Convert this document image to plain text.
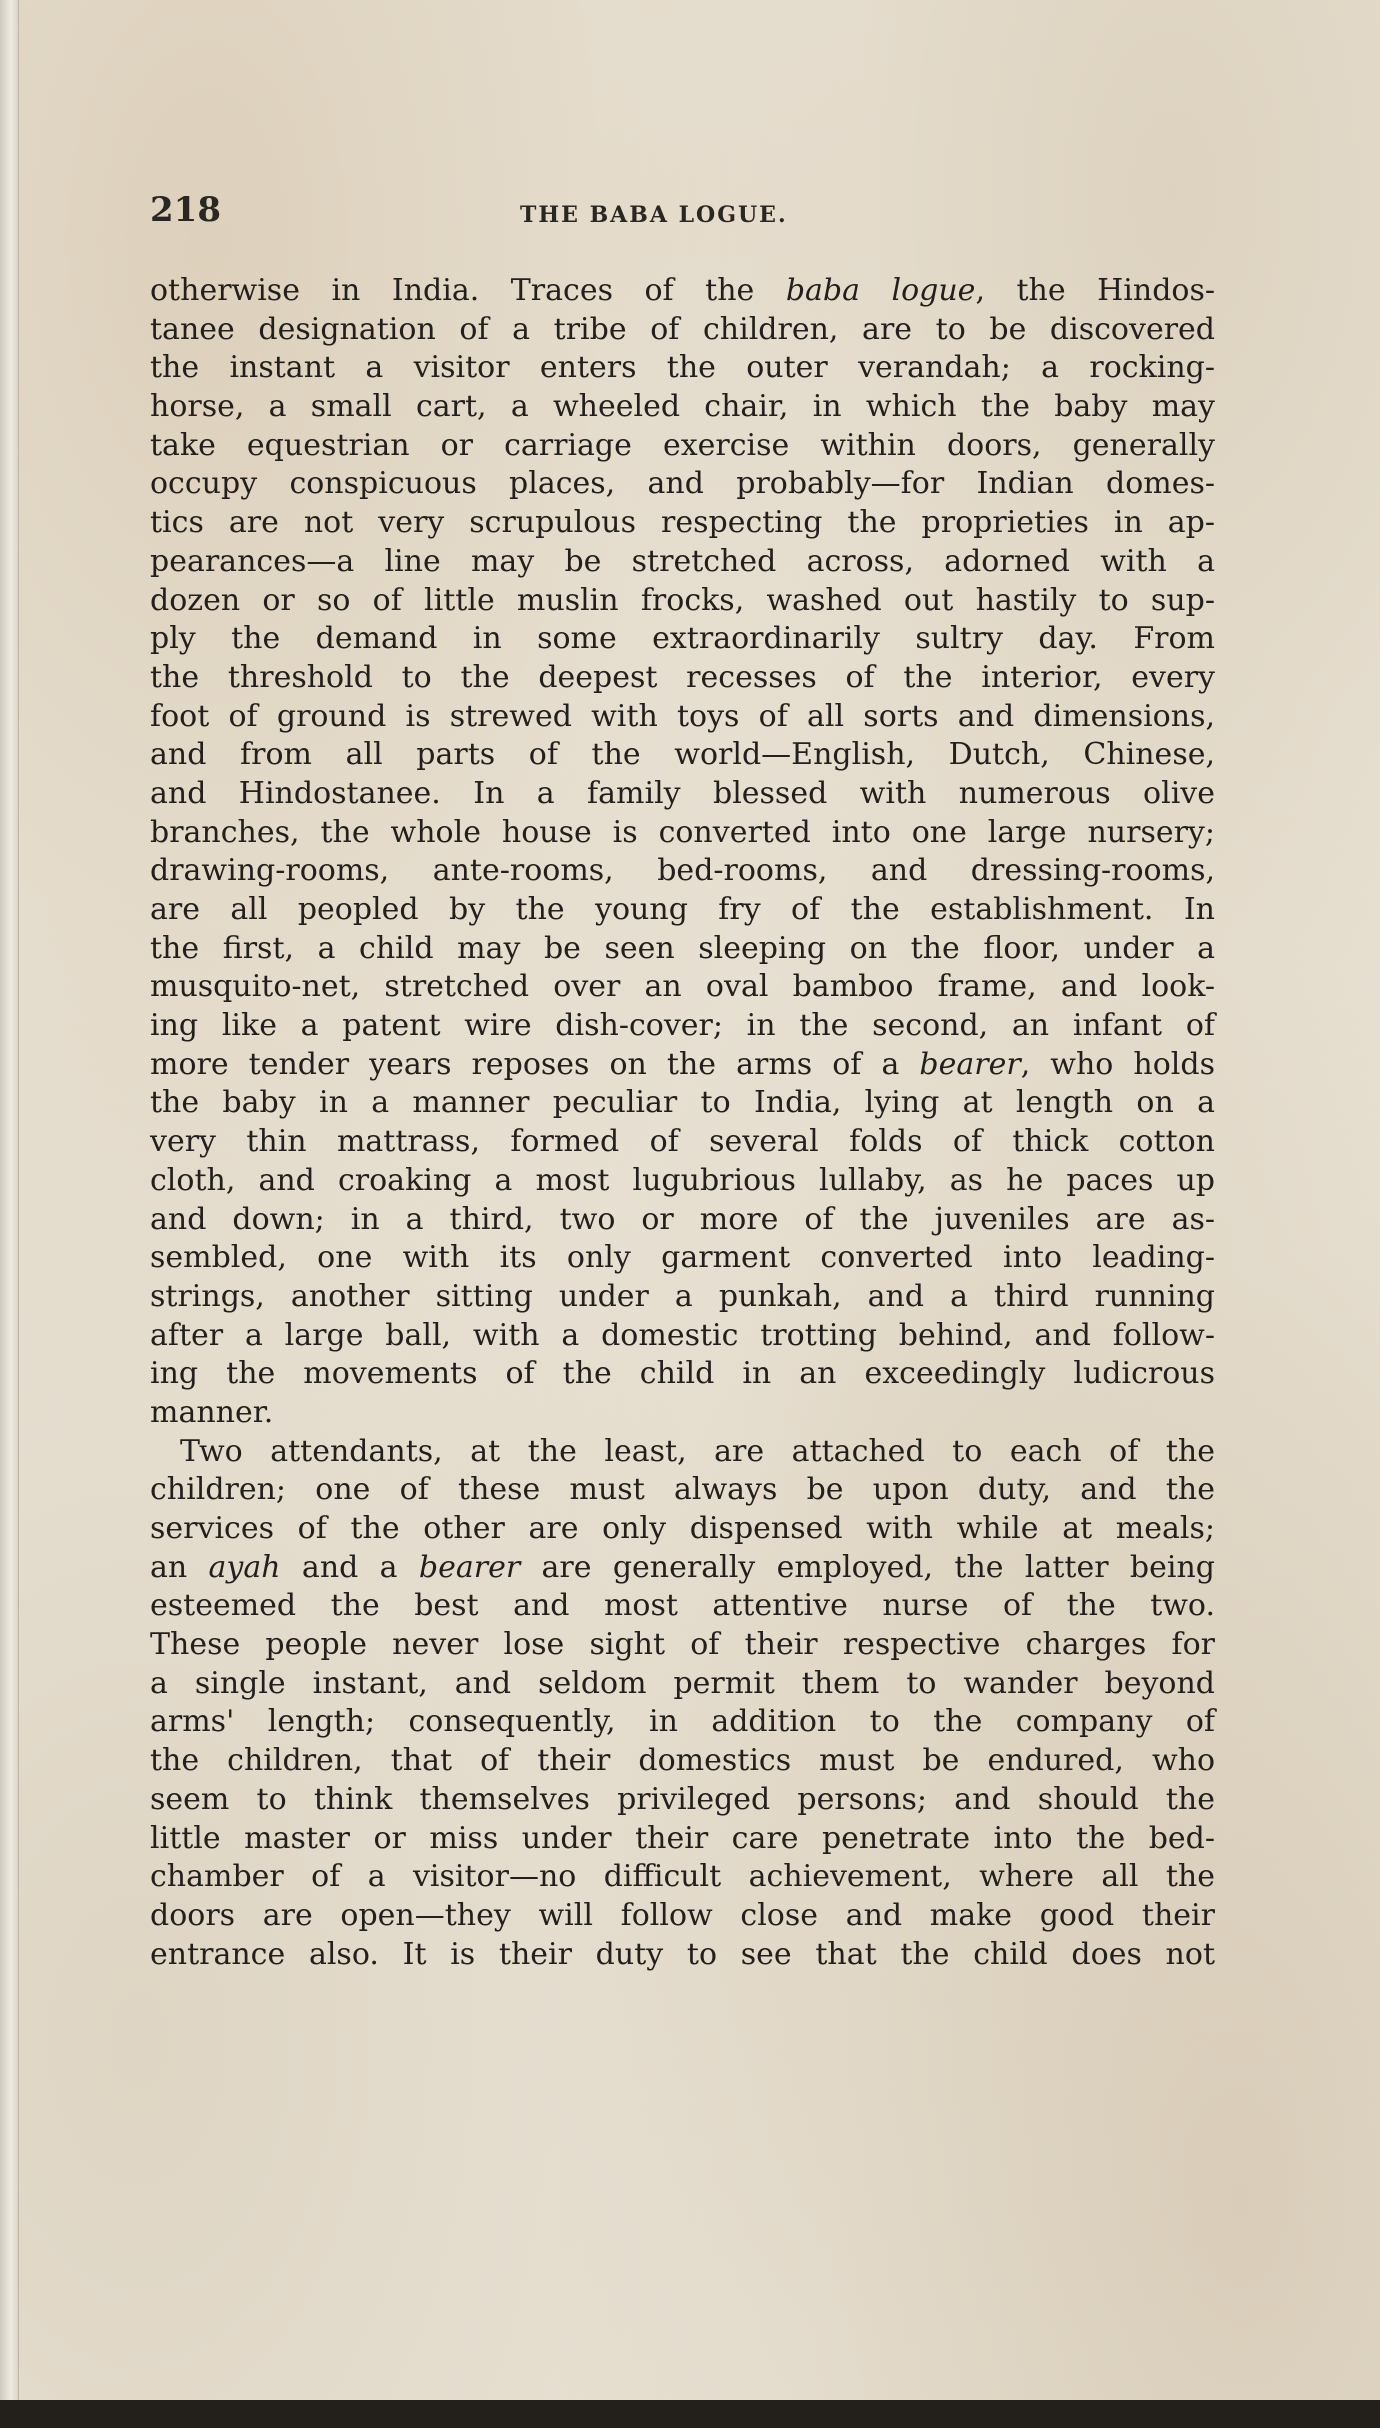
218	THE BABA LOGUE.
otherwise in India. Traces of the baba logue, the Hindos-
tanee designation of a tribe of children, are to be discovered
the instant a visitor enters the outer verandah; a rocking-
horse, a small cart, a wheeled chair, in which the baby may
take equestrian or carriage exercise within doors, generally
occupy conspicuous places, and probably—for Indian domes-
tics are not very scrupulous respecting the proprieties in ap-
pearances—a line may be stretched across, adorned with a
dozen or so of little muslin frocks, washed out hastily to sup-
ply the demand in some extraordinarily sultry day. From
the threshold to the deepest recesses of the interior, every
foot of ground is strewed with toys of all sorts and dimensions,
and from all parts of the world—English, Dutch, Chinese,
and Hindostanee. In a family blessed with numerous olive
branches, the whole house is converted into one large nursery;
drawing-rooms, ante-rooms, bed-rooms, and dressing-rooms,
are all peopled by the young fry of the establishment. In
the first, a child may be seen sleeping on the floor, under a
musquito-net, stretched over an oval bamboo frame, and look-
ing like a patent wire dish-cover; in the second, an infant of
more tender years reposes on the arms of a bearer, who holds
the baby in a manner peculiar to India, lying at length on a
very thin mattrass, formed of several folds of thick cotton
cloth, and croaking a most lugubrious lullaby, as he paces up
and down; in a third, two or more of the juveniles are as-
sembled, one with its only garment converted into leading-
strings, another sitting under a punkah, and a third running
after a large ball, with a domestic trotting behind, and follow-
ing the movements of the child in an exceedingly ludicrous
manner.
Two attendants, at the least, are attached to each of the
children; one of these must always be upon duty, and the
services of the other are only dispensed with while at meals;
an ayah and a bearer are generally employed, the latter being
esteemed the best and most attentive nurse of the two.
These people never lose sight of their respective charges for
a single instant, and seldom permit them to wander beyond
arms' length; consequently, in addition to the company of
the children, that of their domestics must be endured, who
seem to think themselves privileged persons; and should the
little master or miss under their care penetrate into the bed-
chamber of a visitor—no difficult achievement, where all the
doors are open—they will follow close and make good their
entrance also. It is their duty to see that the child does not
